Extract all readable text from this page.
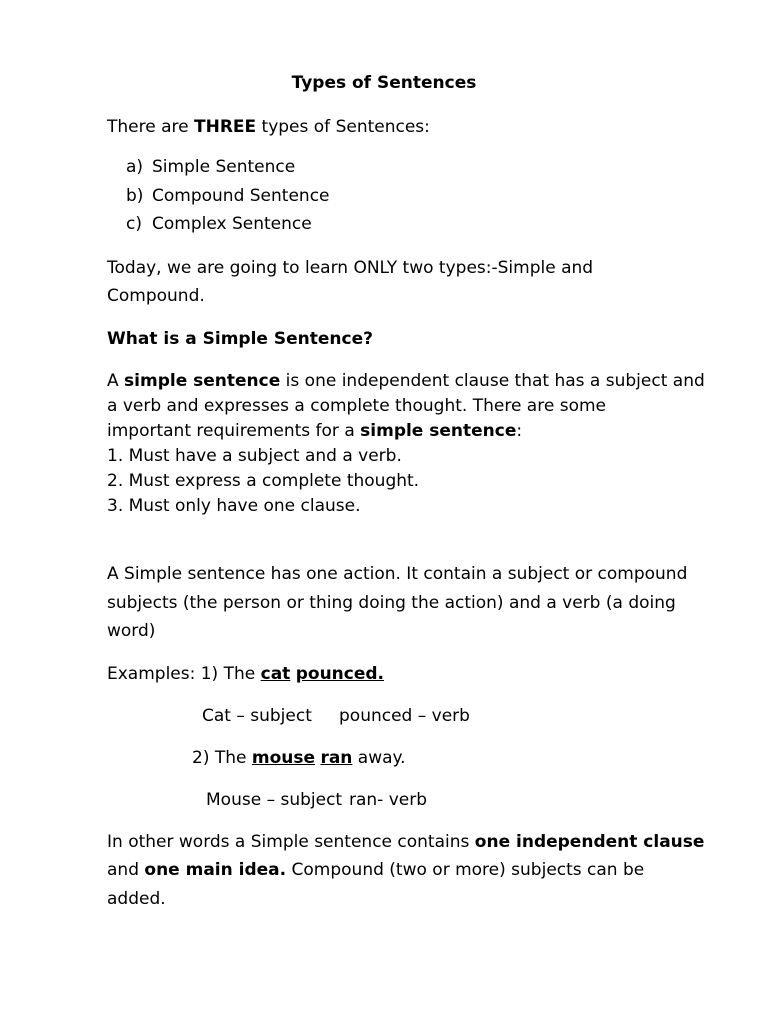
Types of Sentences
There are THREE types of Sentences:
a) Simple Sentence
b) Compound Sentence
c) Complex Sentence
Today, we are going to learn ONLY two types:-Simple and
Compound.
What is a Simple Sentence?
A simple sentence is one independent clause that has a subject and
a verb and expresses a complete thought. There are some
important requirements for a simple sentence:
1. Must have a subject and a verb.
2. Must express a complete thought.
3. Must only have one clause.
A Simple sentence has one action. It contain a subject or compound
subjects (the person or thing doing the action) and a verb (a doing
word)
Examples: 1) The cat pounced.
Cat – subject pounced – verb
2) The mouse ran away.
Mouse – subject ran- verb
In other words a Simple sentence contains one independent clause
and one main idea. Compound (two or more) subjects can be
added.
